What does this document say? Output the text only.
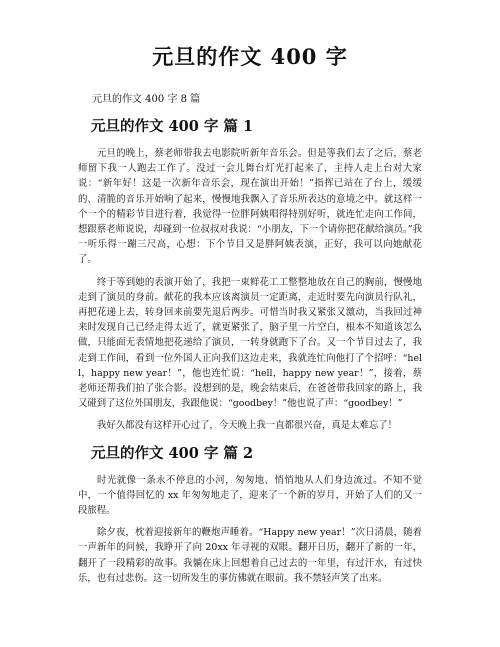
元旦的作文 400 字
元旦的作文 400 字 8 篇
元旦的作文 400 字 篇 1

元旦的晚上，蔡老师带我去电影院听新年音乐会。但是等我们去了之后，蔡老师留下我一人跑去工作了。没过一会儿舞台灯光打起来了，主持人走上台对大家说：“新年好！这是一次新年音乐会，现在演出开始！”指挥已站在了台上，缓缓的、清脆的音乐开始响了起来，慢慢地我飘入了音乐所表达的意境之中。就这样一个一个的精彩节目进行着，我觉得一位胖阿姨唱得特别好听，就连忙走向工作间，想跟蔡老师说说，却碰到一位叔叔对我说：“小朋友，下一个请你把花献给演员。”我一听乐得一蹦三尺高，心想：下个节目又是胖阿姨表演，正好，我可以向她献花了。

终于等到她的表演开始了，我把一束鲜花工工整整地放在自己的胸前，慢慢地走到了演员的身前。献花的我本应该离演员一定距离，走近时要先向演员行队礼，再把花递上去，转身回来前要先退后两步。可惜当时我又紧张又激动，当我回过神来时发现自己已经走得太近了，就更紧张了，脑子里一片空白，根本不知道该怎么做，只能面无表情地把花递给了演员，一转身就跑下了台。又一个节目过去了，我走到工作间，看到一位外国人正向我们这边走来，我就连忙向他打了个招呼：“hell，happy new year！”，他也连忙说：“hell，happy new year！”，接着，蔡老师还帮我们拍了张合影。没想到的是，晚会结束后，在爸爸带我回家的路上，我又碰到了这位外国朋友，我跟他说：“goodbey！”他也说了声：“goodbey！”

我好久都没有这样开心过了，今天晚上我一直都很兴奋，真是太难忘了！

元旦的作文 400 字 篇 2

时光就像一条永不停息的小河，匆匆地、悄悄地从人们身边流过。不知不觉中，一个值得回忆的 xx 年匆匆地走了，迎来了一个新的岁月，开始了人们的又一段旅程。

除夕夜，枕着迎接新年的鞭炮声睡着。“Happy new year！”次日清晨，随着一声新年的问候，我睁开了向 20xx 年寻视的双眼。翻开日历，翻开了新的一年，翻开了一段精彩的故事。我躺在床上回想着自己过去的一年里，有过汗水，有过快乐，也有过悲伤。这一切所发生的事仿佛就在眼前。我不禁轻声笑了出来。
